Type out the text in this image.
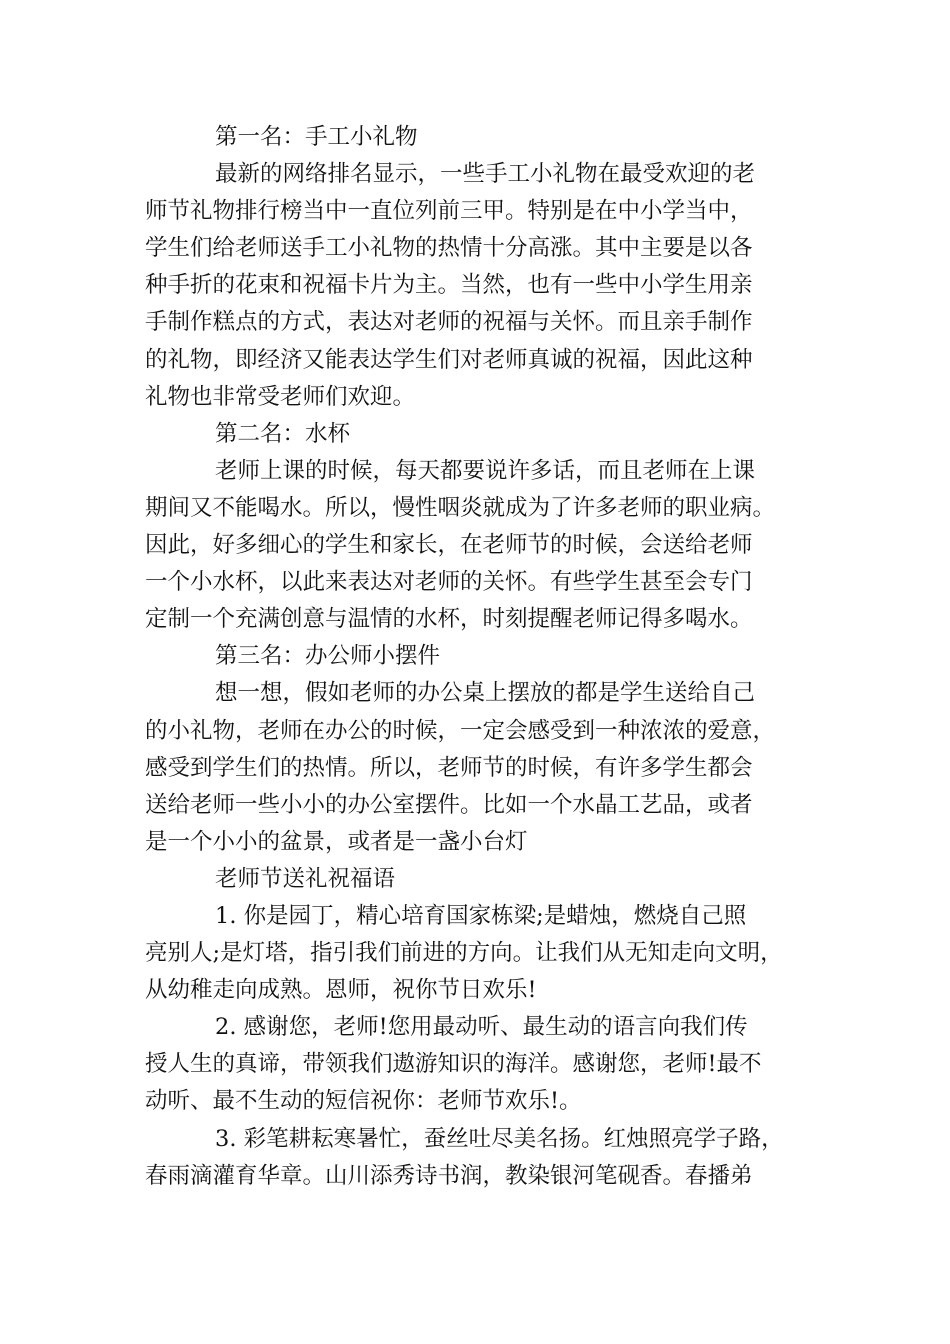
第一名：手工小礼物
最新的网络排名显示，一些手工小礼物在最受欢迎的老
师节礼物排行榜当中一直位列前三甲。特别是在中小学当中，
学生们给老师送手工小礼物的热情十分高涨。其中主要是以各
种手折的花束和祝福卡片为主。当然，也有一些中小学生用亲
手制作糕点的方式，表达对老师的祝福与关怀。而且亲手制作
的礼物，即经济又能表达学生们对老师真诚的祝福，因此这种
礼物也非常受老师们欢迎。
第二名：水杯
老师上课的时候，每天都要说许多话，而且老师在上课
期间又不能喝水。所以，慢性咽炎就成为了许多老师的职业病。
因此，好多细心的学生和家长，在老师节的时候，会送给老师
一个小水杯，以此来表达对老师的关怀。有些学生甚至会专门
定制一个充满创意与温情的水杯，时刻提醒老师记得多喝水。
第三名：办公师小摆件
想一想，假如老师的办公桌上摆放的都是学生送给自己
的小礼物，老师在办公的时候，一定会感受到一种浓浓的爱意，
感受到学生们的热情。所以，老师节的时候，有许多学生都会
送给老师一些小小的办公室摆件。比如一个水晶工艺品，或者
是一个小小的盆景，或者是一盏小台灯
老师节送礼祝福语
1. 你是园丁，精心培育国家栋梁;是蜡烛，燃烧自己照
亮别人;是灯塔，指引我们前进的方向。让我们从无知走向文明，
从幼稚走向成熟。恩师，祝你节日欢乐!
2. 感谢您，老师!您用最动听、最生动的语言向我们传
授人生的真谛，带领我们遨游知识的海洋。感谢您，老师!最不
动听、最不生动的短信祝你：老师节欢乐!。
3. 彩笔耕耘寒暑忙，蚕丝吐尽美名扬。红烛照亮学子路，
春雨滴灌育华章。山川添秀诗书润，教染银河笔砚香。春播弟
